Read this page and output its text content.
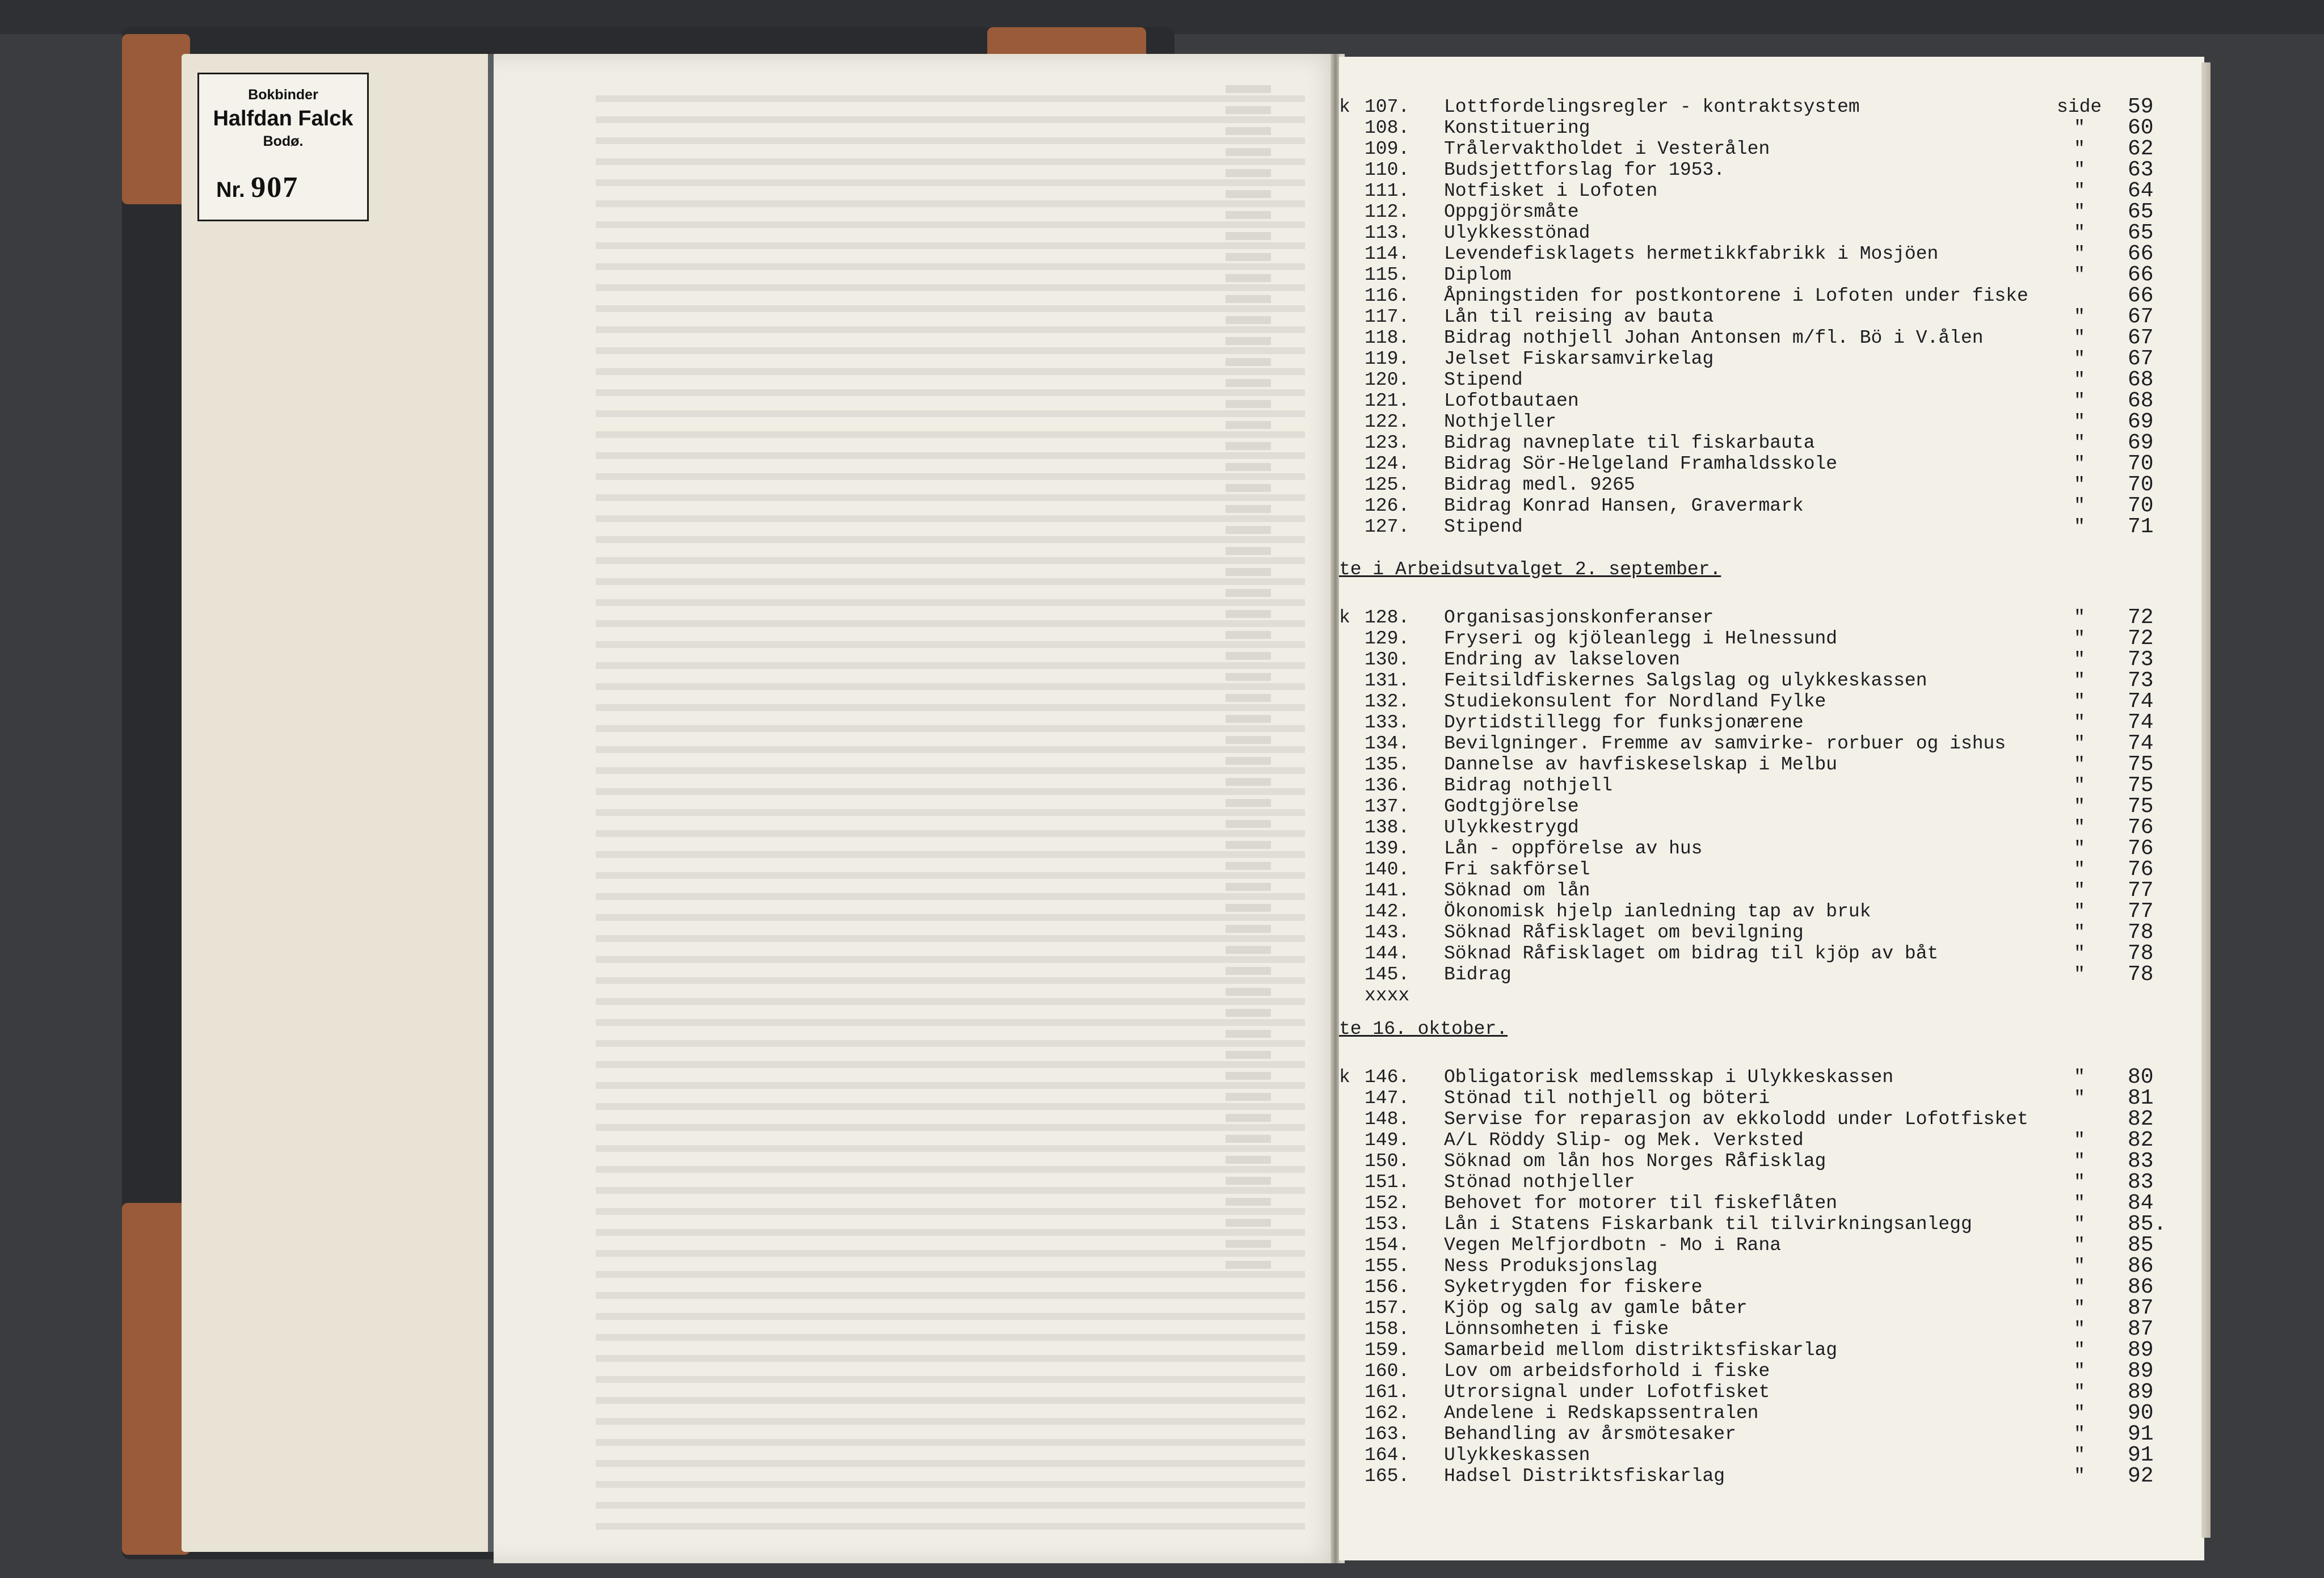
Bokbinder
Halfdan Falck
Bodø.
Nr. 907
side
k 107.	Lottfordelingsregler - kontraktsystem	59
108.	Konstituering	" 60
109.	Trålervaktholdet i Vesterålen	" 62
110.	Budsjettforslag for 1953.	" 63
111.	Notfisket i Lofoten	" 64
112.	Oppgjörsmåte	" 65
113.	Ulykkesstönad	" 65
114.	Levendefisklagets hermetikkfabrikk i Mosjöen	" 66
115.	Diplom	" 66
116.	Åpningstiden for postkontorene i Lofoten under fiske	66
117.	Lån til reising av bauta	" 67
118.	Bidrag nothjell Johan Antonsen m/fl. Bö i V.ålen	" 67
119.	Jelset Fiskarsamvirkelag	" 67
120.	Stipend	" 68
121.	Lofotbautaen	" 68
122.	Nothjeller	" 69
123.	Bidrag navneplate til fiskarbauta	" 69
124.	Bidrag Sör-Helgeland Framhaldsskole	" 70
125.	Bidrag medl. 9265	" 70
126.	Bidrag Konrad Hansen, Gravermark	" 70
127.	Stipend	" 71
te i Arbeidsutvalget 2. september.
k 128.	Organisasjonskonferanser	" 72
129.	Fryseri og kjöleanlegg i Helnessund	" 72
130.	Endring av lakseloven	" 73
131.	Feitsildfiskernes Salgslag og ulykkeskassen	" 73
132.	Studiekonsulent for Nordland Fylke	" 74
133.	Dyrtidstillegg for funksjonærene	" 74
134.	Bevilgninger. Fremme av samvirke- rorbuer og ishus	" 74
135.	Dannelse av havfiskeselskap i Melbu	" 75
136.	Bidrag nothjell	" 75
137.	Godtgjörelse	" 75
138.	Ulykkestrygd	" 76
139.	Lån - oppförelse av hus	" 76
140.	Fri sakförsel	" 76
141.	Söknad om lån	" 77
142.	Ökonomisk hjelp ianledning tap av bruk	" 77
143.	Söknad Råfisklaget om bevilgning	" 78
144.	Söknad Råfisklaget om bidrag til kjöp av båt	" 78
145.	Bidrag	" 78
xxxx
te 16. oktober.
k 146.	Obligatorisk medlemsskap i Ulykkeskassen	" 80
147.	Stönad til nothjell og böteri	" 81
148.	Servise for reparasjon av ekkolodd under Lofotfisket	82
149.	A/L Röddy Slip- og Mek. Verksted	" 82
150.	Söknad om lån hos Norges Råfisklag	" 83
151.	Stönad nothjeller	" 83
152.	Behovet for motorer til fiskeflåten	" 84
153.	Lån i Statens Fiskarbank til tilvirkningsanlegg	" 85.
154.	Vegen Melfjordbotn - Mo i Rana	" 85
155.	Ness Produksjonslag	" 86
156.	Syketrygden for fiskere	" 86
157.	Kjöp og salg av gamle båter	" 87
158.	Lönnsomheten i fiske	" 87
159.	Samarbeid mellom distriktsfiskarlag	" 89
160.	Lov om arbeidsforhold i fiske	" 89
161.	Utrorsignal under Lofotfisket	" 89
162.	Andelene i Redskapssentralen	" 90
163.	Behandling av årsmötesaker	" 91
164.	Ulykkeskassen	" 91
165.	Hadsel Distriktsfiskarlag	" 92
